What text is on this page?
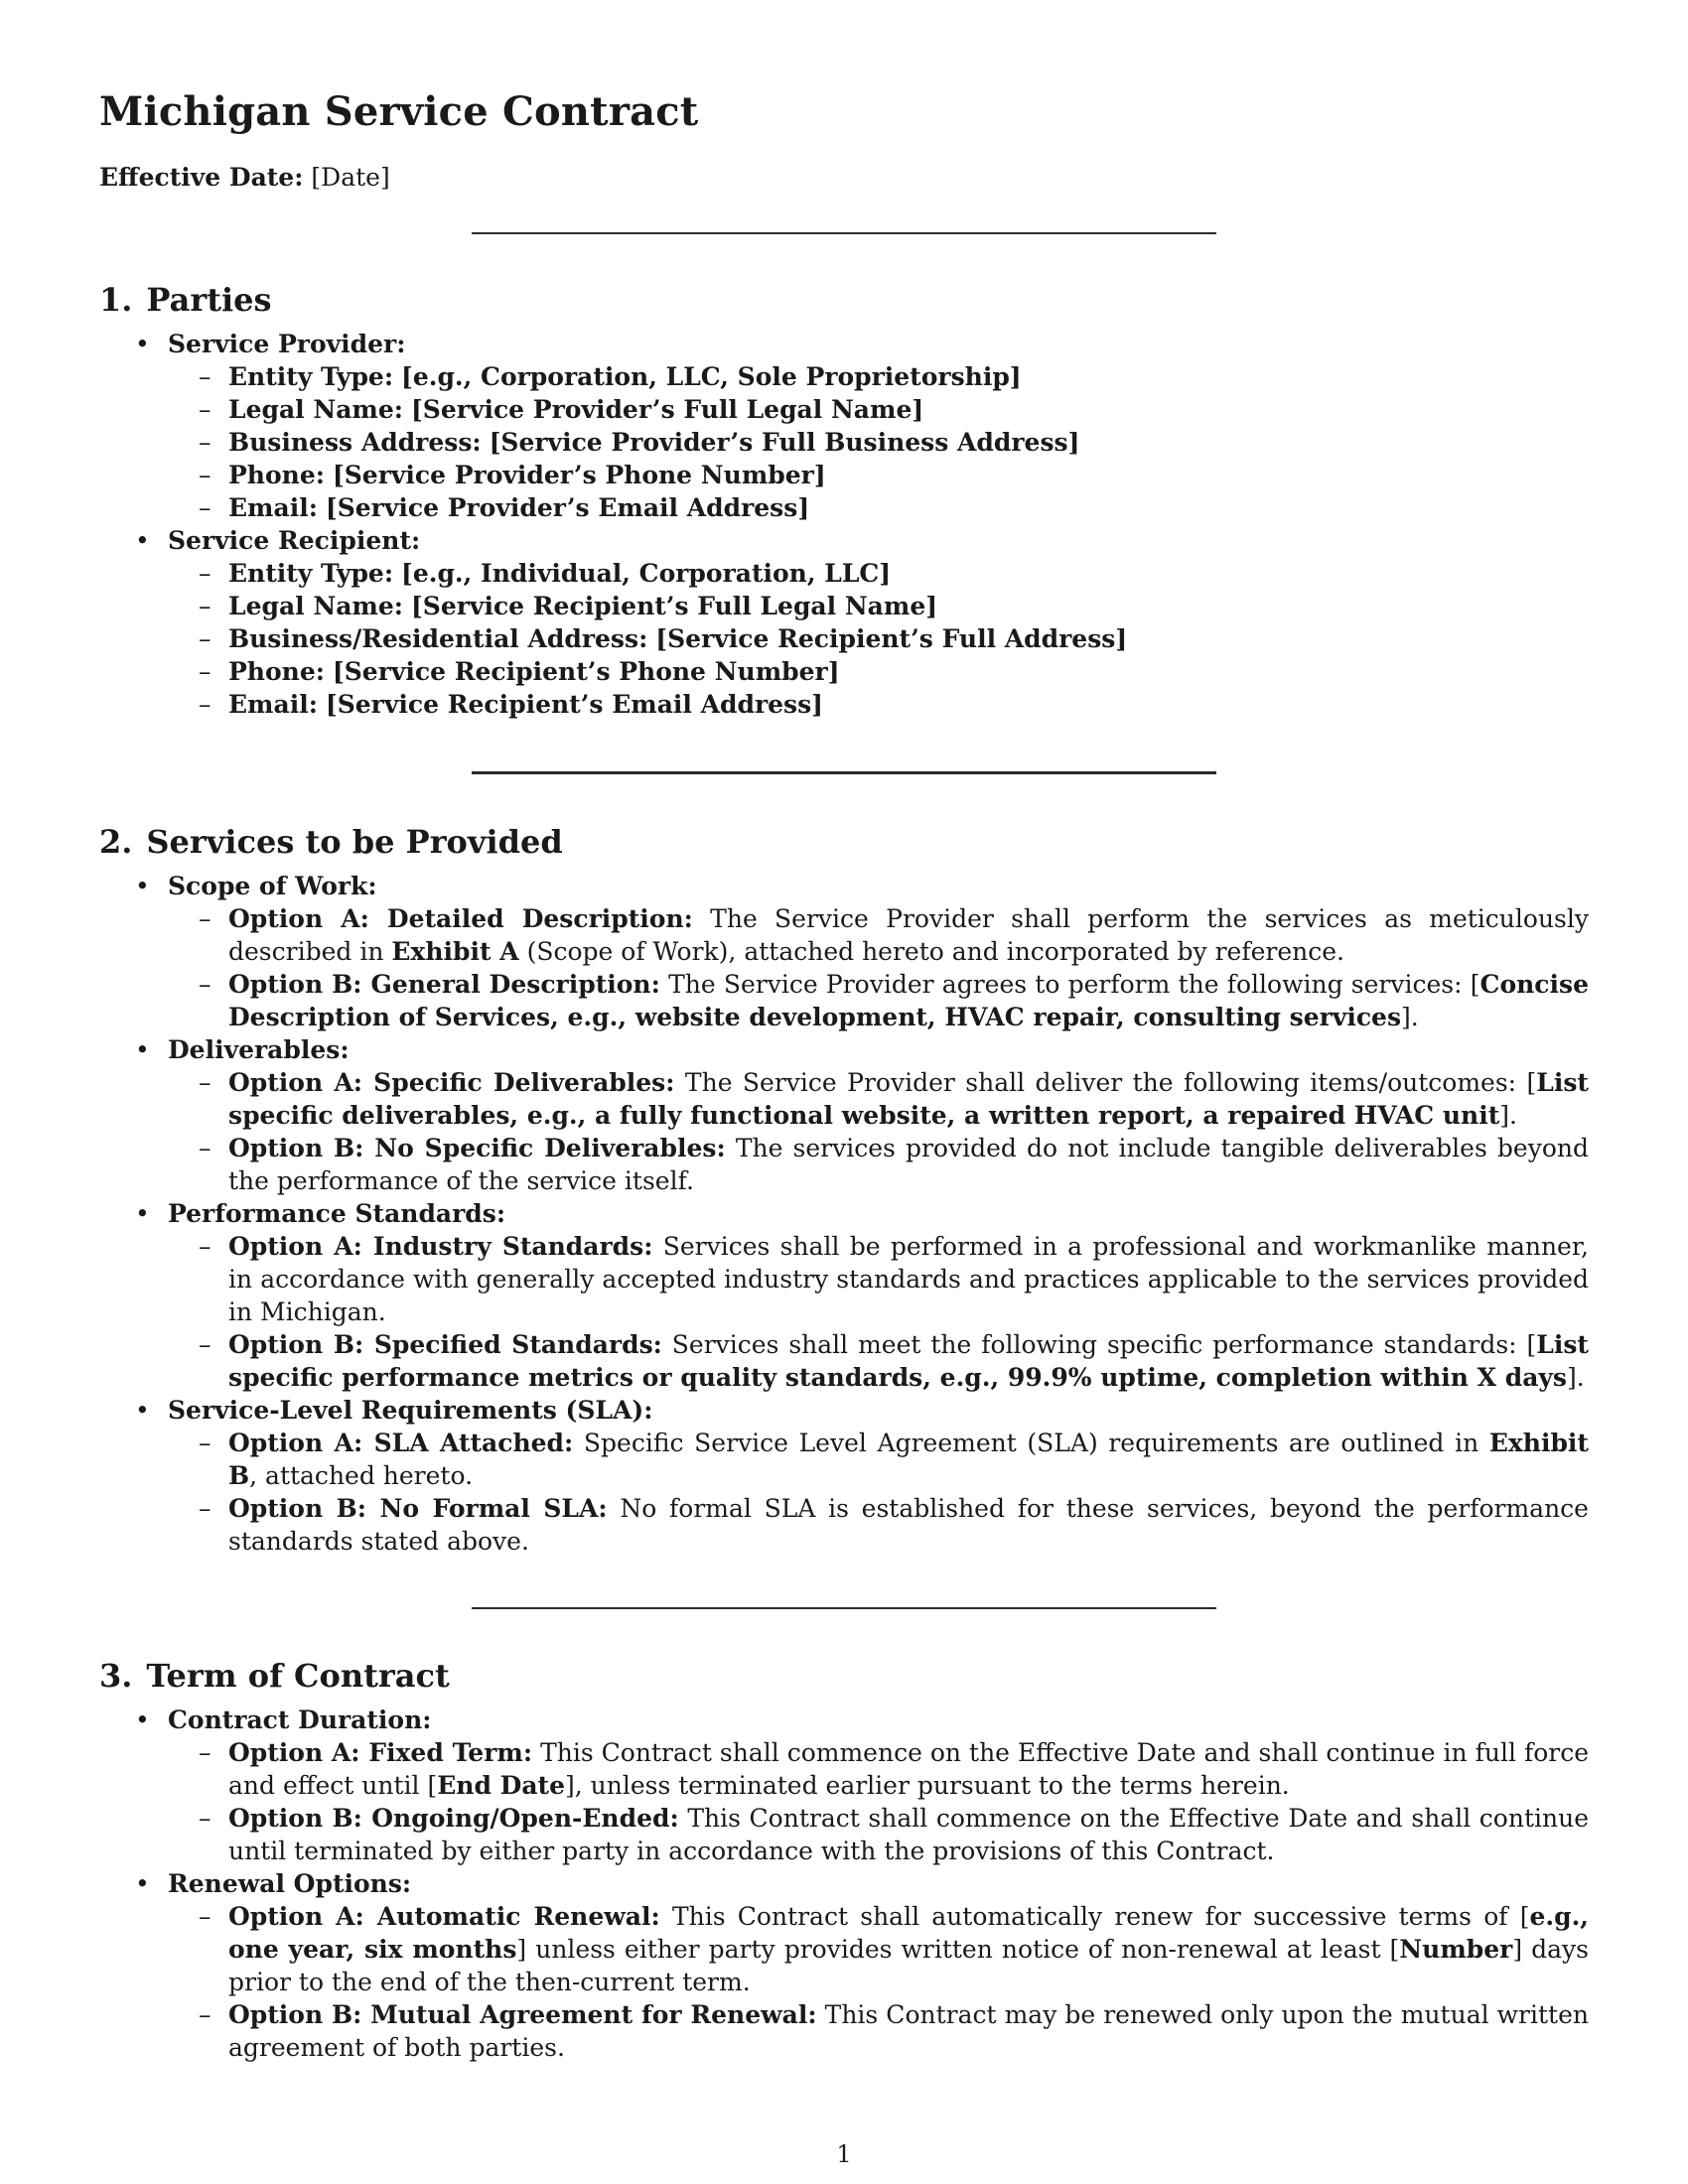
Michigan Service Contract
Effective Date: [Date]
1. Parties
• Service Provider:
– Entity Type: [e.g., Corporation, LLC, Sole Proprietorship]
– Legal Name: [Service Provider’s Full Legal Name]
– Business Address: [Service Provider’s Full Business Address]
– Phone: [Service Provider’s Phone Number]
– Email: [Service Provider’s Email Address]
• Service Recipient:
– Entity Type: [e.g., Individual, Corporation, LLC]
– Legal Name: [Service Recipient’s Full Legal Name]
– Business/Residential Address: [Service Recipient’s Full Address]
– Phone: [Service Recipient’s Phone Number]
– Email: [Service Recipient’s Email Address]
2. Services to be Provided
• Scope of Work:
– Option A: Detailed Description: The Service Provider shall perform the services as meticulously described in Exhibit A (Scope of Work), attached hereto and incorporated by reference.
– Option B: General Description: The Service Provider agrees to perform the following services: [Concise Description of Services, e.g., website development, HVAC repair, consulting services].
• Deliverables:
– Option A: Specific Deliverables: The Service Provider shall deliver the following items/outcomes: [List specific deliverables, e.g., a fully functional website, a written report, a repaired HVAC unit].
– Option B: No Specific Deliverables: The services provided do not include tangible deliverables beyond the performance of the service itself.
• Performance Standards:
– Option A: Industry Standards: Services shall be performed in a professional and workmanlike manner, in accordance with generally accepted industry standards and practices applicable to the services provided in Michigan.
– Option B: Specified Standards: Services shall meet the following specific performance standards: [List specific performance metrics or quality standards, e.g., 99.9% uptime, completion within X days].
• Service-Level Requirements (SLA):
– Option A: SLA Attached: Specific Service Level Agreement (SLA) requirements are outlined in Exhibit B, attached hereto.
– Option B: No Formal SLA: No formal SLA is established for these services, beyond the performance standards stated above.
3. Term of Contract
• Contract Duration:
– Option A: Fixed Term: This Contract shall commence on the Effective Date and shall continue in full force and effect until [End Date], unless terminated earlier pursuant to the terms herein.
– Option B: Ongoing/Open-Ended: This Contract shall commence on the Effective Date and shall continue until terminated by either party in accordance with the provisions of this Contract.
• Renewal Options:
– Option A: Automatic Renewal: This Contract shall automatically renew for successive terms of [e.g., one year, six months] unless either party provides written notice of non-renewal at least [Number] days prior to the end of the then-current term.
– Option B: Mutual Agreement for Renewal: This Contract may be renewed only upon the mutual written agreement of both parties.
1
